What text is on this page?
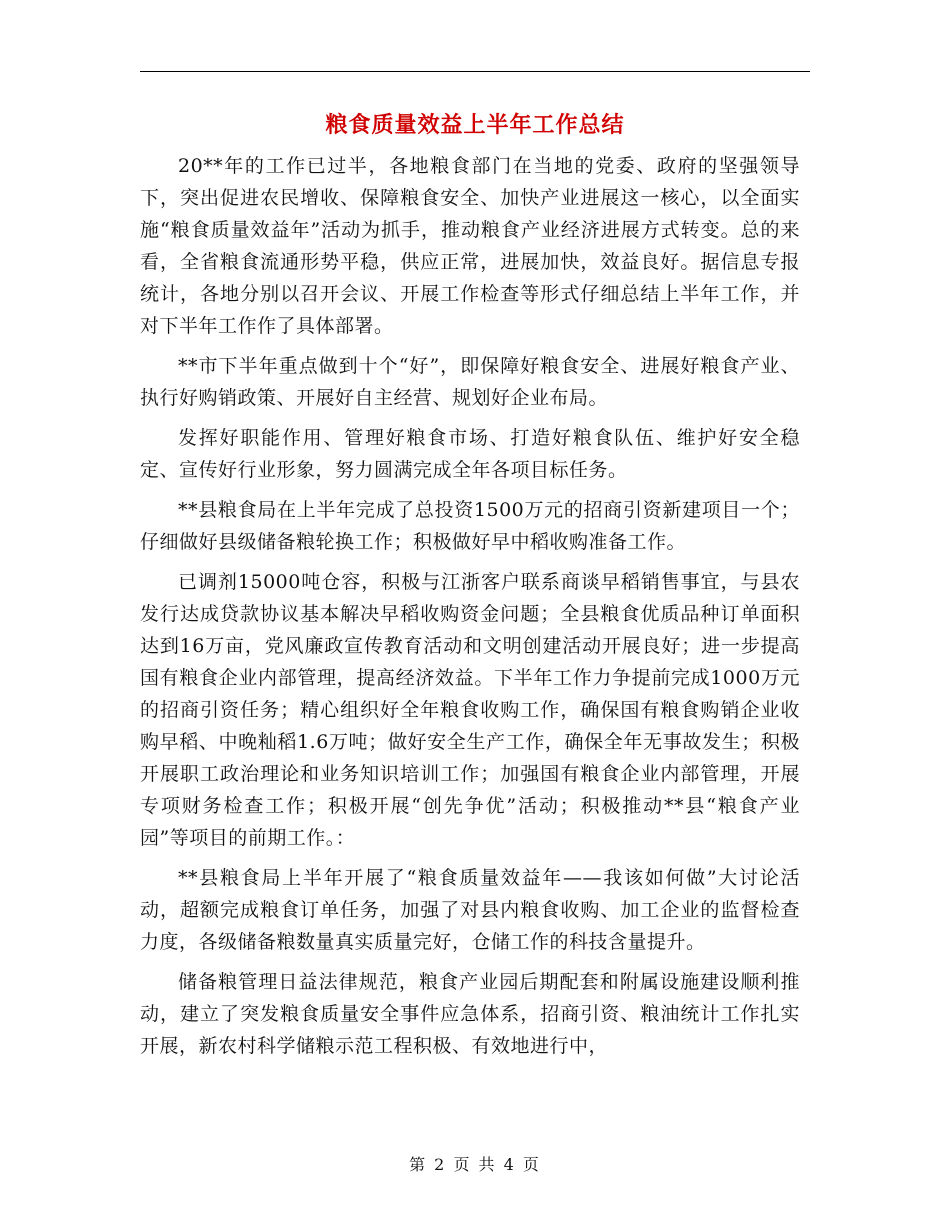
粮食质量效益上半年工作总结

20**年的工作已过半，各地粮食部门在当地的党委、政府的坚强领导下，突出促进农民增收、保障粮食安全、加快产业进展这一核心，以全面实施“粮食质量效益年”活动为抓手，推动粮食产业经济进展方式转变。总的来看，全省粮食流通形势平稳，供应正常，进展加快，效益良好。据信息专报统计，各地分别以召开会议、开展工作检查等形式仔细总结上半年工作，并对下半年工作作了具体部署。

**市下半年重点做到十个“好”，即保障好粮食安全、进展好粮食产业、执行好购销政策、开展好自主经营、规划好企业布局。

发挥好职能作用、管理好粮食市场、打造好粮食队伍、维护好安全稳定、宣传好行业形象，努力圆满完成全年各项目标任务。

**县粮食局在上半年完成了总投资1500万元的招商引资新建项目一个；仔细做好县级储备粮轮换工作；积极做好早中稻收购准备工作。

已调剂15000吨仓容，积极与江浙客户联系商谈早稻销售事宜，与县农发行达成贷款协议基本解决早稻收购资金问题；全县粮食优质品种订单面积达到16万亩，党风廉政宣传教育活动和文明创建活动开展良好；进一步提高国有粮食企业内部管理，提高经济效益。下半年工作力争提前完成1000万元的招商引资任务；精心组织好全年粮食收购工作，确保国有粮食购销企业收购早稻、中晚籼稻1.6万吨；做好安全生产工作，确保全年无事故发生；积极开展职工政治理论和业务知识培训工作；加强国有粮食企业内部管理，开展专项财务检查工作；积极开展“创先争优”活动；积极推动**县“粮食产业园”等项目的前期工作。：

**县粮食局上半年开展了“粮食质量效益年——我该如何做”大讨论活动，超额完成粮食订单任务，加强了对县内粮食收购、加工企业的监督检查力度，各级储备粮数量真实质量完好，仓储工作的科技含量提升。

储备粮管理日益法律规范，粮食产业园后期配套和附属设施建设顺利推动，建立了突发粮食质量安全事件应急体系，招商引资、粮油统计工作扎实开展，新农村科学储粮示范工程积极、有效地进行中，

第 2 页 共 4 页
